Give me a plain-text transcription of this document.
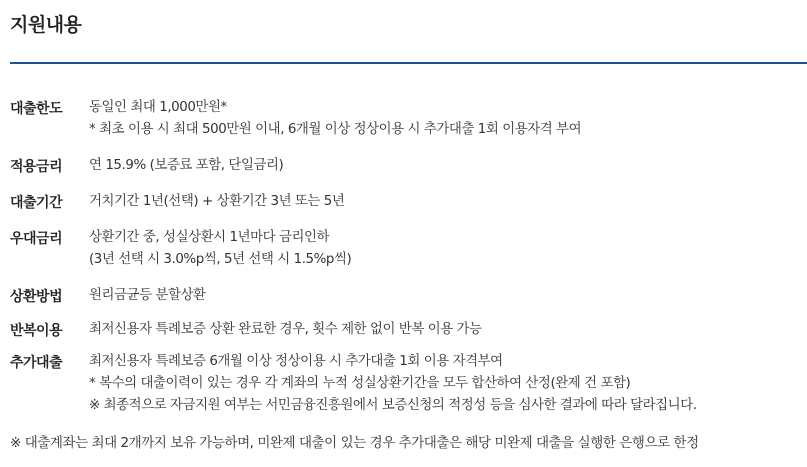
지원내용
대출한도 동일인 최대 1,000만원*
* 최초 이용 시 최대 500만원 이내, 6개월 이상 정상이용 시 추가대출 1회 이용자격 부여
적용금리 연 15.9% (보증료 포함, 단일금리)
대출기간 거치기간 1년(선택) + 상환기간 3년 또는 5년
우대금리 상환기간 중, 성실상환시 1년마다 금리인하
(3년 선택 시 3.0%p씩, 5년 선택 시 1.5%p씩)
상환방법 원리금균등 분할상환
반복이용 최저신용자 특례보증 상환 완료한 경우, 횟수 제한 없이 반복 이용 가능
추가대출 최저신용자 특례보증 6개월 이상 정상이용 시 추가대출 1회 이용 자격부여
* 복수의 대출이력이 있는 경우 각 계좌의 누적 성실상환기간을 모두 합산하여 산정(완제 건 포함)
※ 최종적으로 자금지원 여부는 서민금융진흥원에서 보증신청의 적정성 등을 심사한 결과에 따라 달라집니다.
※ 대출계좌는 최대 2개까지 보유 가능하며, 미완제 대출이 있는 경우 추가대출은 해당 미완제 대출을 실행한 은행으로 한정
